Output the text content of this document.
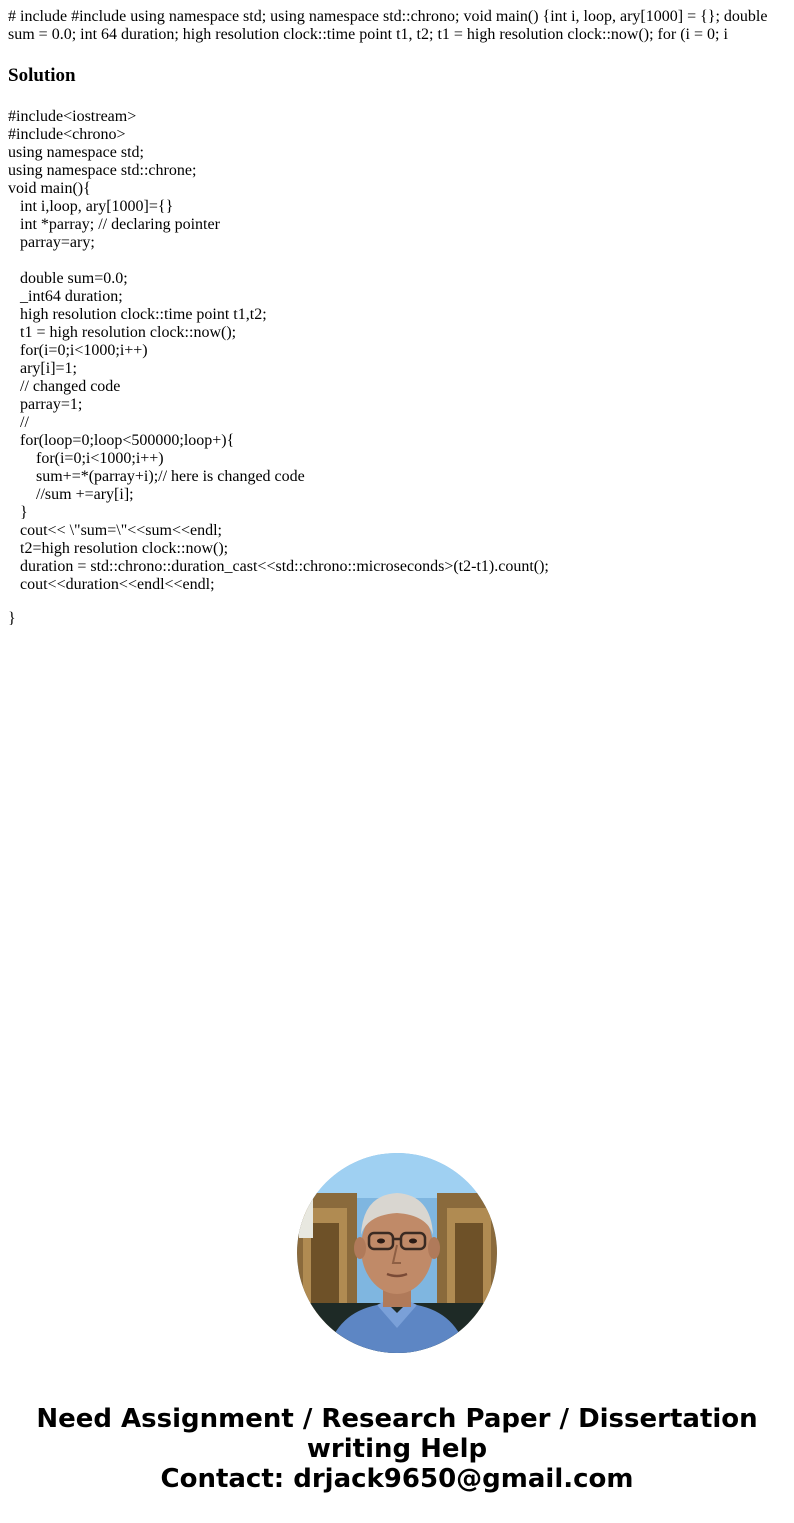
# include #include using namespace std; using namespace std::chrono; void main() {int i, loop, ary[1000] = {}; double sum = 0.0; int 64 duration; high resolution clock::time point t1, t2; t1 = high resolution clock::now(); for (i = 0; i

Solution
#include<iostream>
#include<chrono>
using namespace std;
using namespace std::chrone;
void main(){
int i,loop, ary[1000]={}
int *parray; // declaring pointer
parray=ary;
double sum=0.0;
_int64 duration;
high resolution clock::time point t1,t2;
t1 = high resolution clock::now();
for(i=0;i<1000;i++)
ary[i]=1;
// changed code
parray=1;
//
for(loop=0;loop<500000;loop+){
for(i=0;i<1000;i++)
sum+=*(parray+i);// here is changed code
//sum +=ary[i];
}
cout<< \"sum=\"<<sum<<endl;
t2=high resolution clock::now();
duration = std::chrono::duration_cast<<std::chrono::microseconds>(t2-t1).count();
cout<<duration<<endl<<endl;
}
Need Assignment / Research Paper / Dissertation
writing Help
Contact: drjack9650@gmail.com
